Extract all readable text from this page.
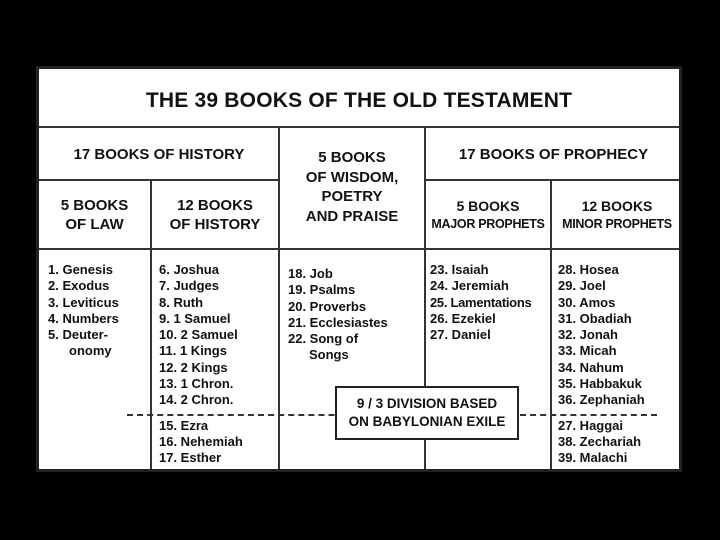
THE 39 BOOKS OF THE OLD TESTAMENT
17 BOOKS OF HISTORY	17 BOOKS OF PROPHECY
5 BOOKS
OF LAW
12 BOOKS
OF HISTORY
5 BOOKS
OF WISDOM,
POETRY
AND PRAISE
5 BOOKS
MAJOR PROPHETS
12 BOOKS
MINOR PROPHETS
1. Genesis
2. Exodus
3. Leviticus
4. Numbers
5. Deuter-
onomy
6. Joshua
7. Judges
8. Ruth
9. 1 Samuel
10. 2 Samuel
11. 1 Kings
12. 2 Kings
13. 1 Chron.
14. 2 Chron.
15. Ezra
16. Nehemiah
17. Esther
18. Job
19. Psalms
20. Proverbs
21. Ecclesiastes
22. Song of
Songs
23. Isaiah
24. Jeremiah
25. Lamentations
26. Ezekiel
27. Daniel
28. Hosea
29. Joel
30. Amos
31. Obadiah
32. Jonah
33. Micah
34. Nahum
35. Habbakuk
36. Zephaniah
27. Haggai
38. Zechariah
39. Malachi
9 / 3 DIVISION BASED
ON BABYLONIAN EXILE
